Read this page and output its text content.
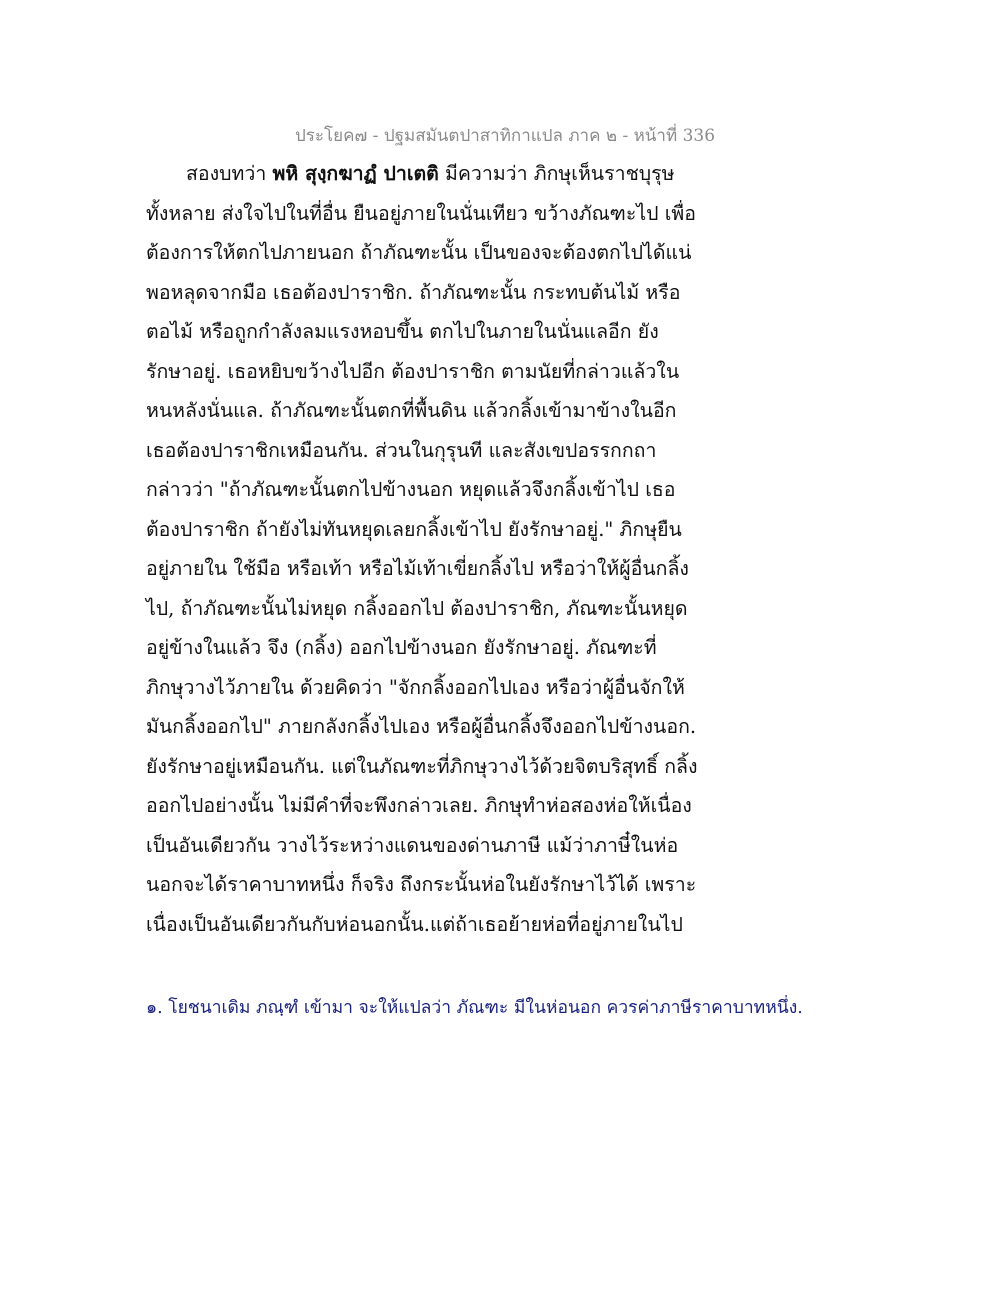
ประโยค๗ - ปฐมสมันตปาสาทิกาแปล ภาค ๒ - หน้าที่ 336
สองบทว่า พหิ สุงฺกฆาฏํ ปาเตติ มีความว่า ภิกษุเห็นราชบุรุษ
ทั้งหลาย ส่งใจไปในที่อื่น ยืนอยู่ภายในนั่นเทียว ขว้างภัณฑะไป เพื่อ
ต้องการให้ตกไปภายนอก ถ้าภัณฑะนั้น เป็นของจะต้องตกไปได้แน่
พอหลุดจากมือ เธอต้องปาราชิก. ถ้าภัณฑะนั้น กระทบต้นไม้ หรือ
ตอไม้ หรือถูกกำลังลมแรงหอบขึ้น ตกไปในภายในนั่นแลอีก ยัง
รักษาอยู่. เธอหยิบขว้างไปอีก ต้องปาราชิก ตามนัยที่กล่าวแล้วใน
หนหลังนั่นแล. ถ้าภัณฑะนั้นตกที่พื้นดิน แล้วกลิ้งเข้ามาข้างในอีก
เธอต้องปาราชิกเหมือนกัน. ส่วนในกุรุนที และสังเขปอรรกกถา
กล่าวว่า "ถ้าภัณฑะนั้นตกไปข้างนอก หยุดแล้วจึงกลิ้งเข้าไป เธอ
ต้องปาราชิก ถ้ายังไม่ทันหยุดเลยกลิ้งเข้าไป ยังรักษาอยู่." ภิกษุยืน
อยู่ภายใน ใช้มือ หรือเท้า หรือไม้เท้าเขี่ยกลิ้งไป หรือว่าให้ผู้อื่นกลิ้ง
ไป, ถ้าภัณฑะนั้นไม่หยุด กลิ้งออกไป ต้องปาราชิก, ภัณฑะนั้นหยุด
อยู่ข้างในแล้ว จึง (กลิ้ง) ออกไปข้างนอก ยังรักษาอยู่. ภัณฑะที่
ภิกษุวางไว้ภายใน ด้วยคิดว่า "จักกลิ้งออกไปเอง หรือว่าผู้อื่นจักให้
มันกลิ้งออกไป" ภายกลังกลิ้งไปเอง หรือผู้อื่นกลิ้งจึงออกไปข้างนอก.
ยังรักษาอยู่เหมือนกัน. แต่ในภัณฑะที่ภิกษุวางไว้ด้วยจิตบริสุทธิ์ กลิ้ง
ออกไปอย่างนั้น ไม่มีคำที่จะพึงกล่าวเลย. ภิกษุทำห่อสองห่อให้เนื่อง
เป็นอันเดียวกัน วางไว้ระหว่างแดนของด่านภาษี แม้ว่าภาษี๋ในห่อ
นอกจะได้ราคาบาทหนึ่ง ก็จริง ถึงกระนั้นห่อในยังรักษาไว้ได้ เพราะ
เนื่องเป็นอันเดียวกันกับห่อนอกนั้น.แต่ถ้าเธอย้ายห่อที่อยู่ภายในไป
๑. โยชนาเดิม ภณฺฑํ เข้ามา จะให้แปลว่า ภัณฑะ มีในห่อนอก ควรค่าภาษีราคาบาทหนึ่ง.
